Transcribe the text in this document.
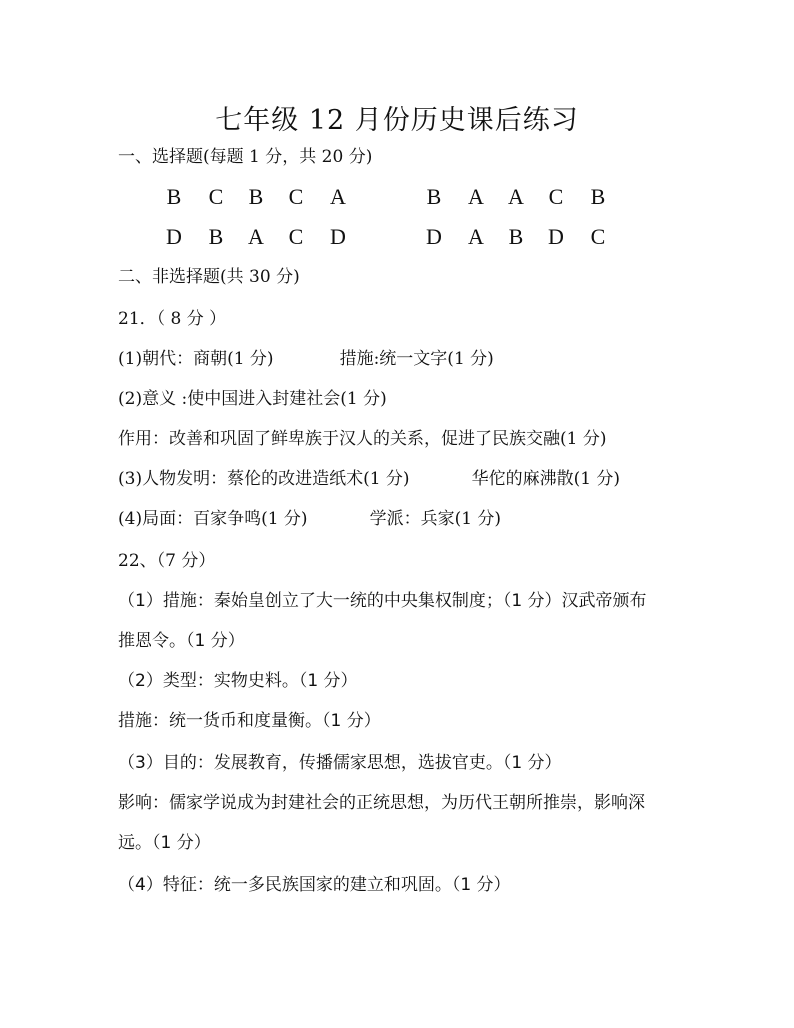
七年级 12 月份历史课后练习
一、选择题(每题 1 分，共 20 分)
B	C	B	C	A	B	A	A	C	B
D	B	A	C	D	D	A	B	D	C
二、非选择题(共 30 分)
21．（ 8 分 ）
(1)朝代：商朝(1 分)	措施:统一文字(1 分)
(2)意义 :使中国进入封建社会(1 分)
作用：改善和巩固了鲜卑族于汉人的关系，促进了民族交融(1 分)
(3)人物发明：蔡伦的改进造纸术(1 分)	华佗的麻沸散(1 分)
(4)局面：百家争鸣(1 分)	学派：兵家(1 分)
22、（7 分）
（1）措施：秦始皇创立了大一统的中央集权制度；（1 分）汉武帝颁布
推恩令。（1 分）
（2）类型：实物史料。（1 分）
措施：统一货币和度量衡。（1 分）
（3）目的：发展教育，传播儒家思想，选拔官吏。（1 分）
影响：儒家学说成为封建社会的正统思想，为历代王朝所推崇，影响深
远。（1 分）
（4）特征：统一多民族国家的建立和巩固。（1 分）
